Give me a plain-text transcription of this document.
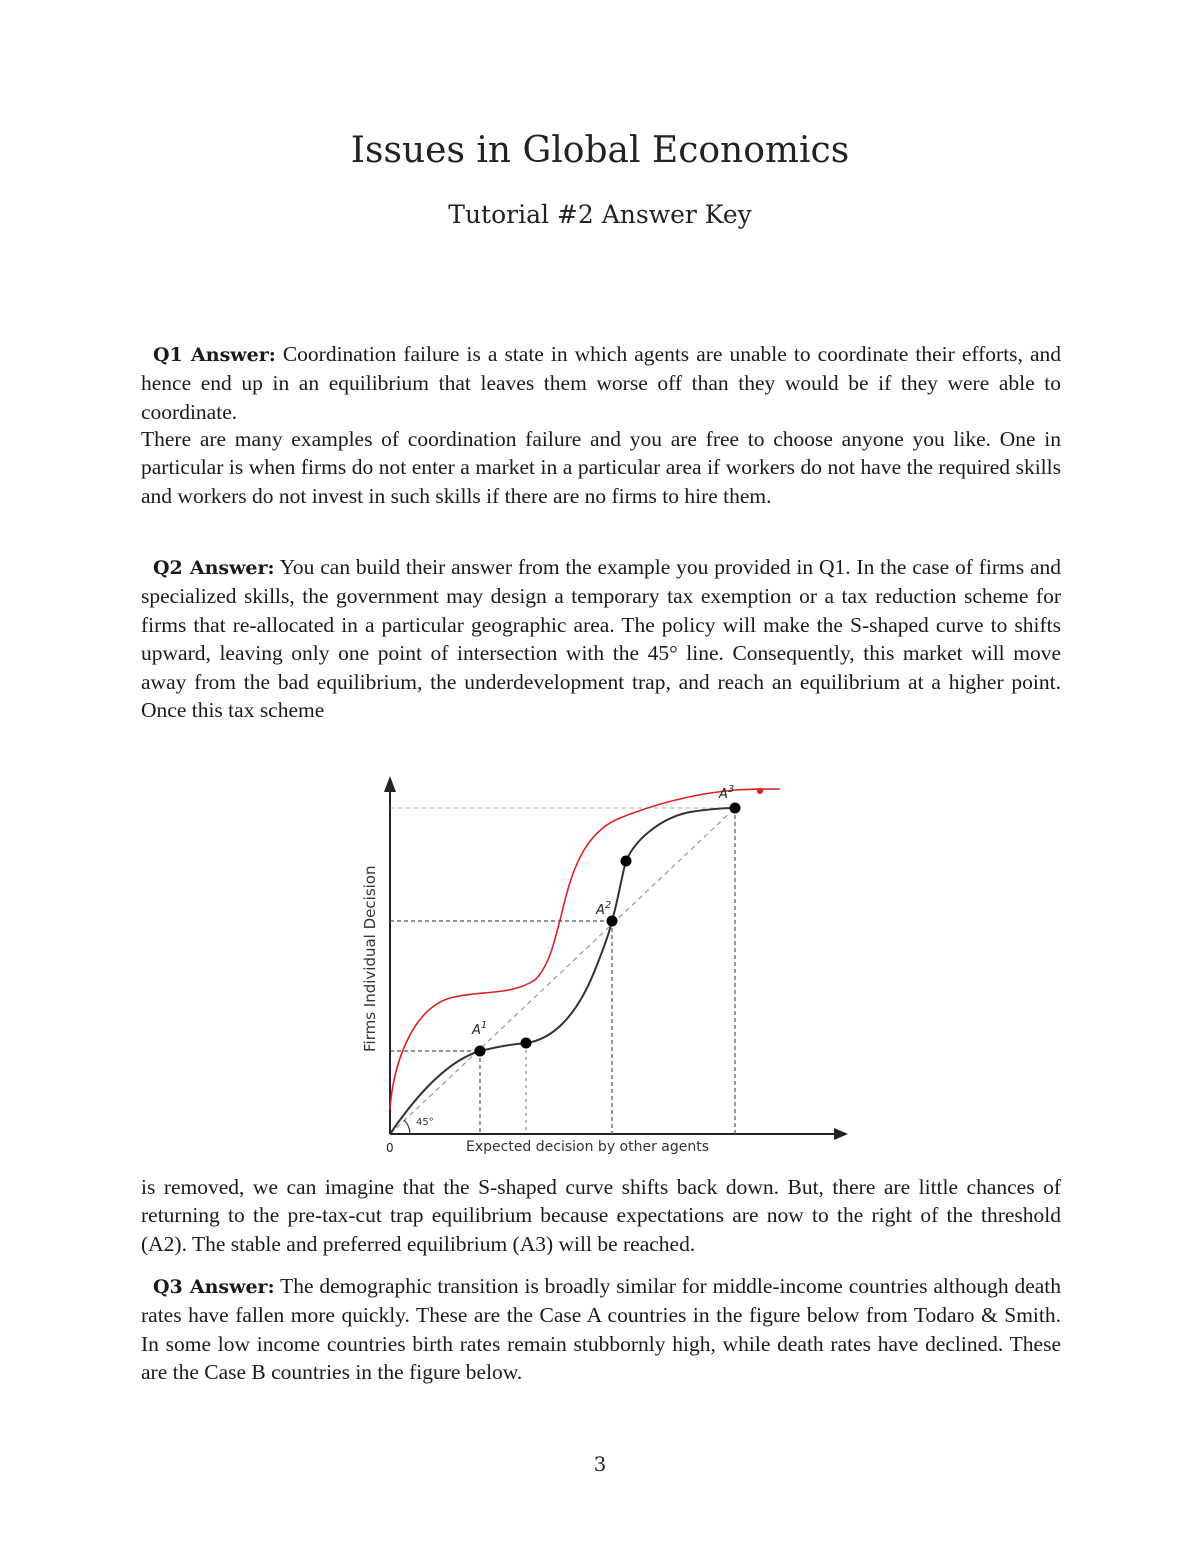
Issues in Global Economics
Tutorial #2 Answer Key

Q1 Answer: Coordination failure is a state in which agents are unable to coordinate their efforts, and hence end up in an equilibrium that leaves them worse off than they would be if they were able to coordinate.

There are many examples of coordination failure and you are free to choose anyone you like. One in particular is when firms do not enter a market in a particular area if workers do not have the required skills and workers do not invest in such skills if there are no firms to hire them.

Q2 Answer: You can build their answer from the example you provided in Q1. In the case of firms and specialized skills, the government may design a temporary tax exemption or a tax reduction scheme for firms that re-allocated in a particular geographic area. The policy will make the S-shaped curve to shifts upward, leaving only one point of intersection with the 45° line. Consequently, this market will move away from the bad equilibrium, the underdevelopment trap, and reach an equilibrium at a higher point. Once this tax scheme

$A^1$
$A^2$
$A^3$
45°
0	Expected decision by other agents
Firms Individual Decision

is removed, we can imagine that the S-shaped curve shifts back down. But, there are little chances of returning to the pre-tax-cut trap equilibrium because expectations are now to the right of the threshold (A2). The stable and preferred equilibrium (A3) will be reached.

Q3 Answer: The demographic transition is broadly similar for middle-income countries although death rates have fallen more quickly. These are the Case A countries in the figure below from Todaro & Smith. In some low income countries birth rates remain stubbornly high, while death rates have declined. These are the Case B countries in the figure below.

3
